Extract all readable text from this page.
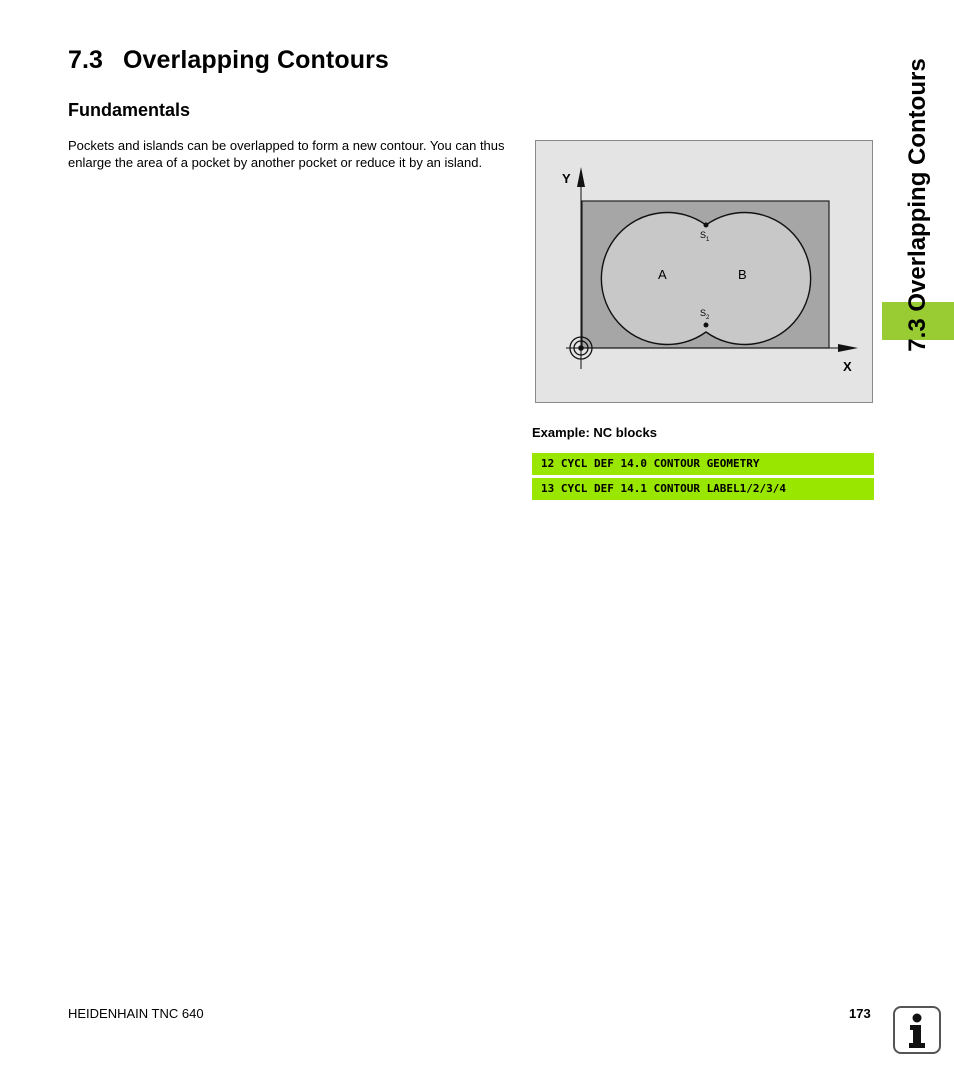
7.3 Overlapping Contours
Fundamentals

Pockets and islands can be overlapped to form a new contour. You can thus enlarge the area of a pocket by another pocket or reduce it by an island.

Y
X
A	B
S 1
S 2
Example: NC blocks
12 CYCL DEF 14.0 CONTOUR GEOMETRY
13 CYCL DEF 14.1 CONTOUR LABEL1/2/3/4
7.3 Overlapping Contours
HEIDENHAIN TNC 640	173
